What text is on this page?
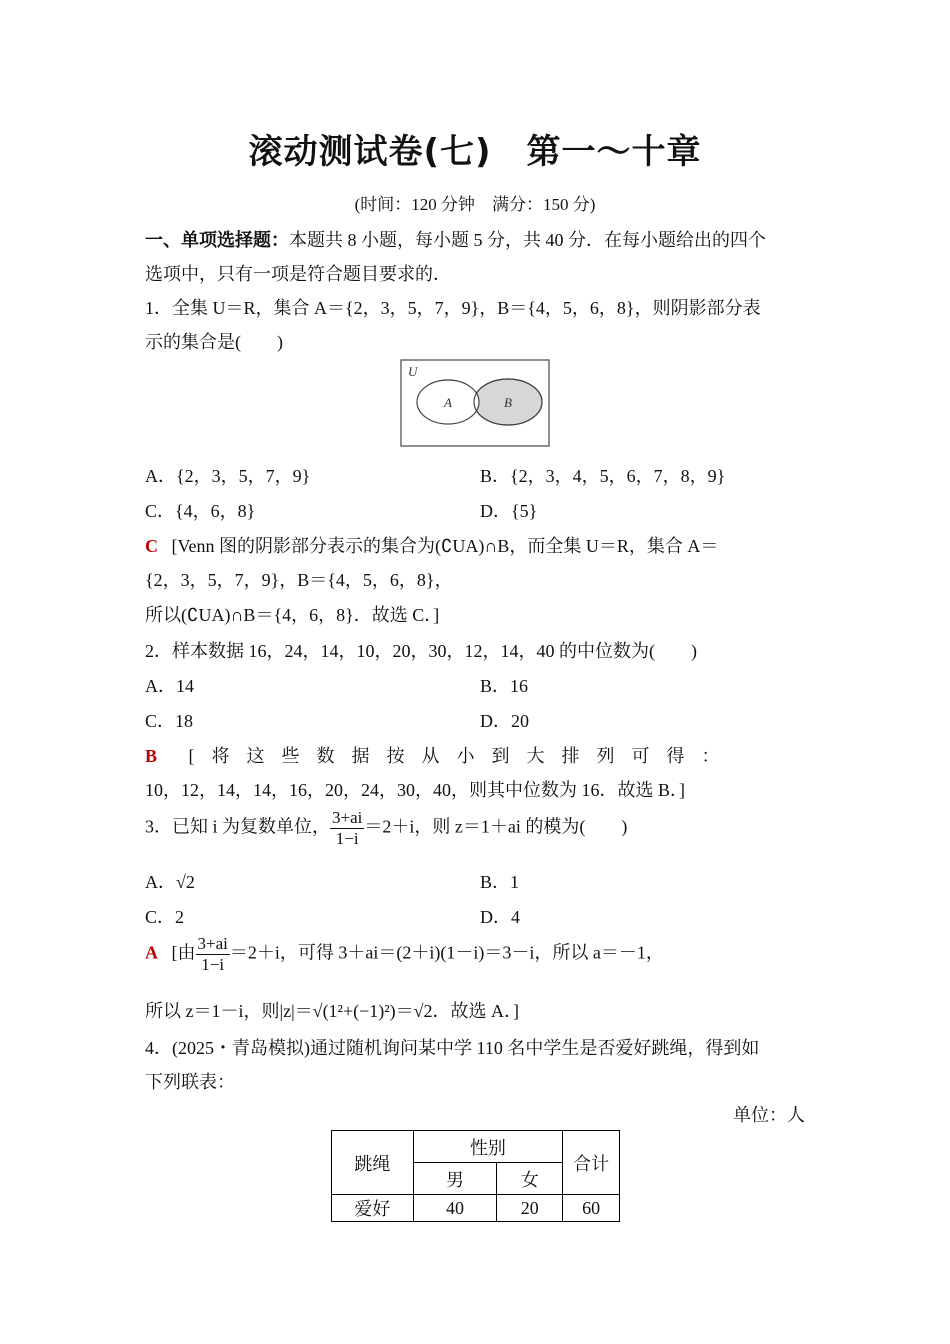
滚动测试卷(七)　第一～十章
(时间：120 分钟　满分：150 分)
一、单项选择题：本题共 8 小题，每小题 5 分，共 40 分．在每小题给出的四个
选项中，只有一项是符合题目要求的．
1．全集 U＝R，集合 A＝{2，3，5，7，9}，B＝{4，5，6，8}，则阴影部分表
示的集合是(　　)
U
A	B
A．{2，3，5，7，9}	B．{2，3，4，5，6，7，8，9}
C．{4，6，8}	D．{5}
C [Venn 图的阴影部分表示的集合为(∁UA)∩B，而全集 U＝R，集合 A＝
{2，3，5，7，9}，B＝{4，5，6，8}，
所以(∁UA)∩B＝{4，6，8}．故选 C．]
2．样本数据 16，24，14，10，20，30，12，14，40 的中位数为(　　)
A．14	B．16
C．18	D．20
B [将这些数据按从小到大排列可得：
10，12，14，14，16，20，24，30，40，则其中位数为 16．故选 B．]
3．已知 i 为复数单位， $\frac{3+ai}{1-i} =2+i$，则 z＝1＋ai 的模为(　　)
A．√2	B．1
C．2	D．4
A [由 $\frac{3+ai}{1-i} =2+i$，可得 3＋ai＝(2＋i)(1－i)＝3－i，所以 a＝－1，
所以 z＝1－i，则|z|＝√(1²+(−1)²)＝√2．故选 A．]
4．(2025・青岛模拟)通过随机询问某中学 110 名中学生是否爱好跳绳，得到如
下列联表：
单位：人
跳绳	性别		合计
	男	女	
爱好	40	20	60
